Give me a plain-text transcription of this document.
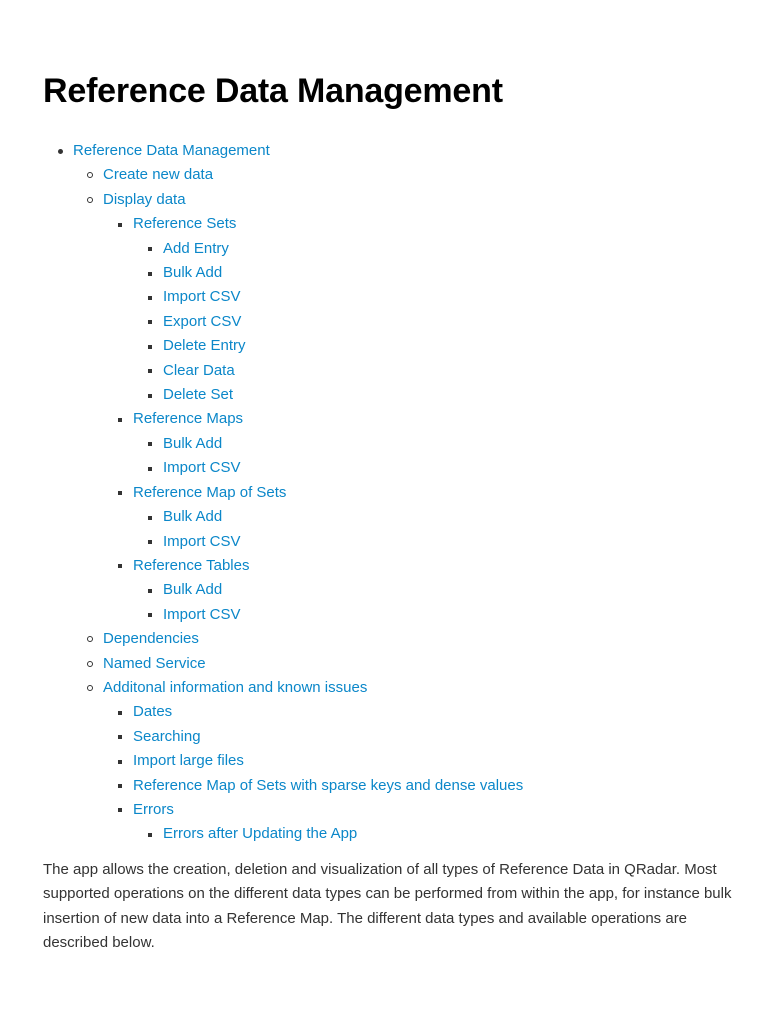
Reference Data Management
Reference Data Management
Create new data
Display data
Reference Sets
Add Entry
Bulk Add
Import CSV
Export CSV
Delete Entry
Clear Data
Delete Set
Reference Maps
Bulk Add
Import CSV
Reference Map of Sets
Bulk Add
Import CSV
Reference Tables
Bulk Add
Import CSV
Dependencies
Named Service
Additonal information and known issues
Dates
Searching
Import large files
Reference Map of Sets with sparse keys and dense values
Errors
Errors after Updating the App

The app allows the creation, deletion and visualization of all types of Reference Data in QRadar. Most supported operations on the different data types can be performed from within the app, for instance bulk insertion of new data into a Reference Map. The different data types and available operations are described below.
